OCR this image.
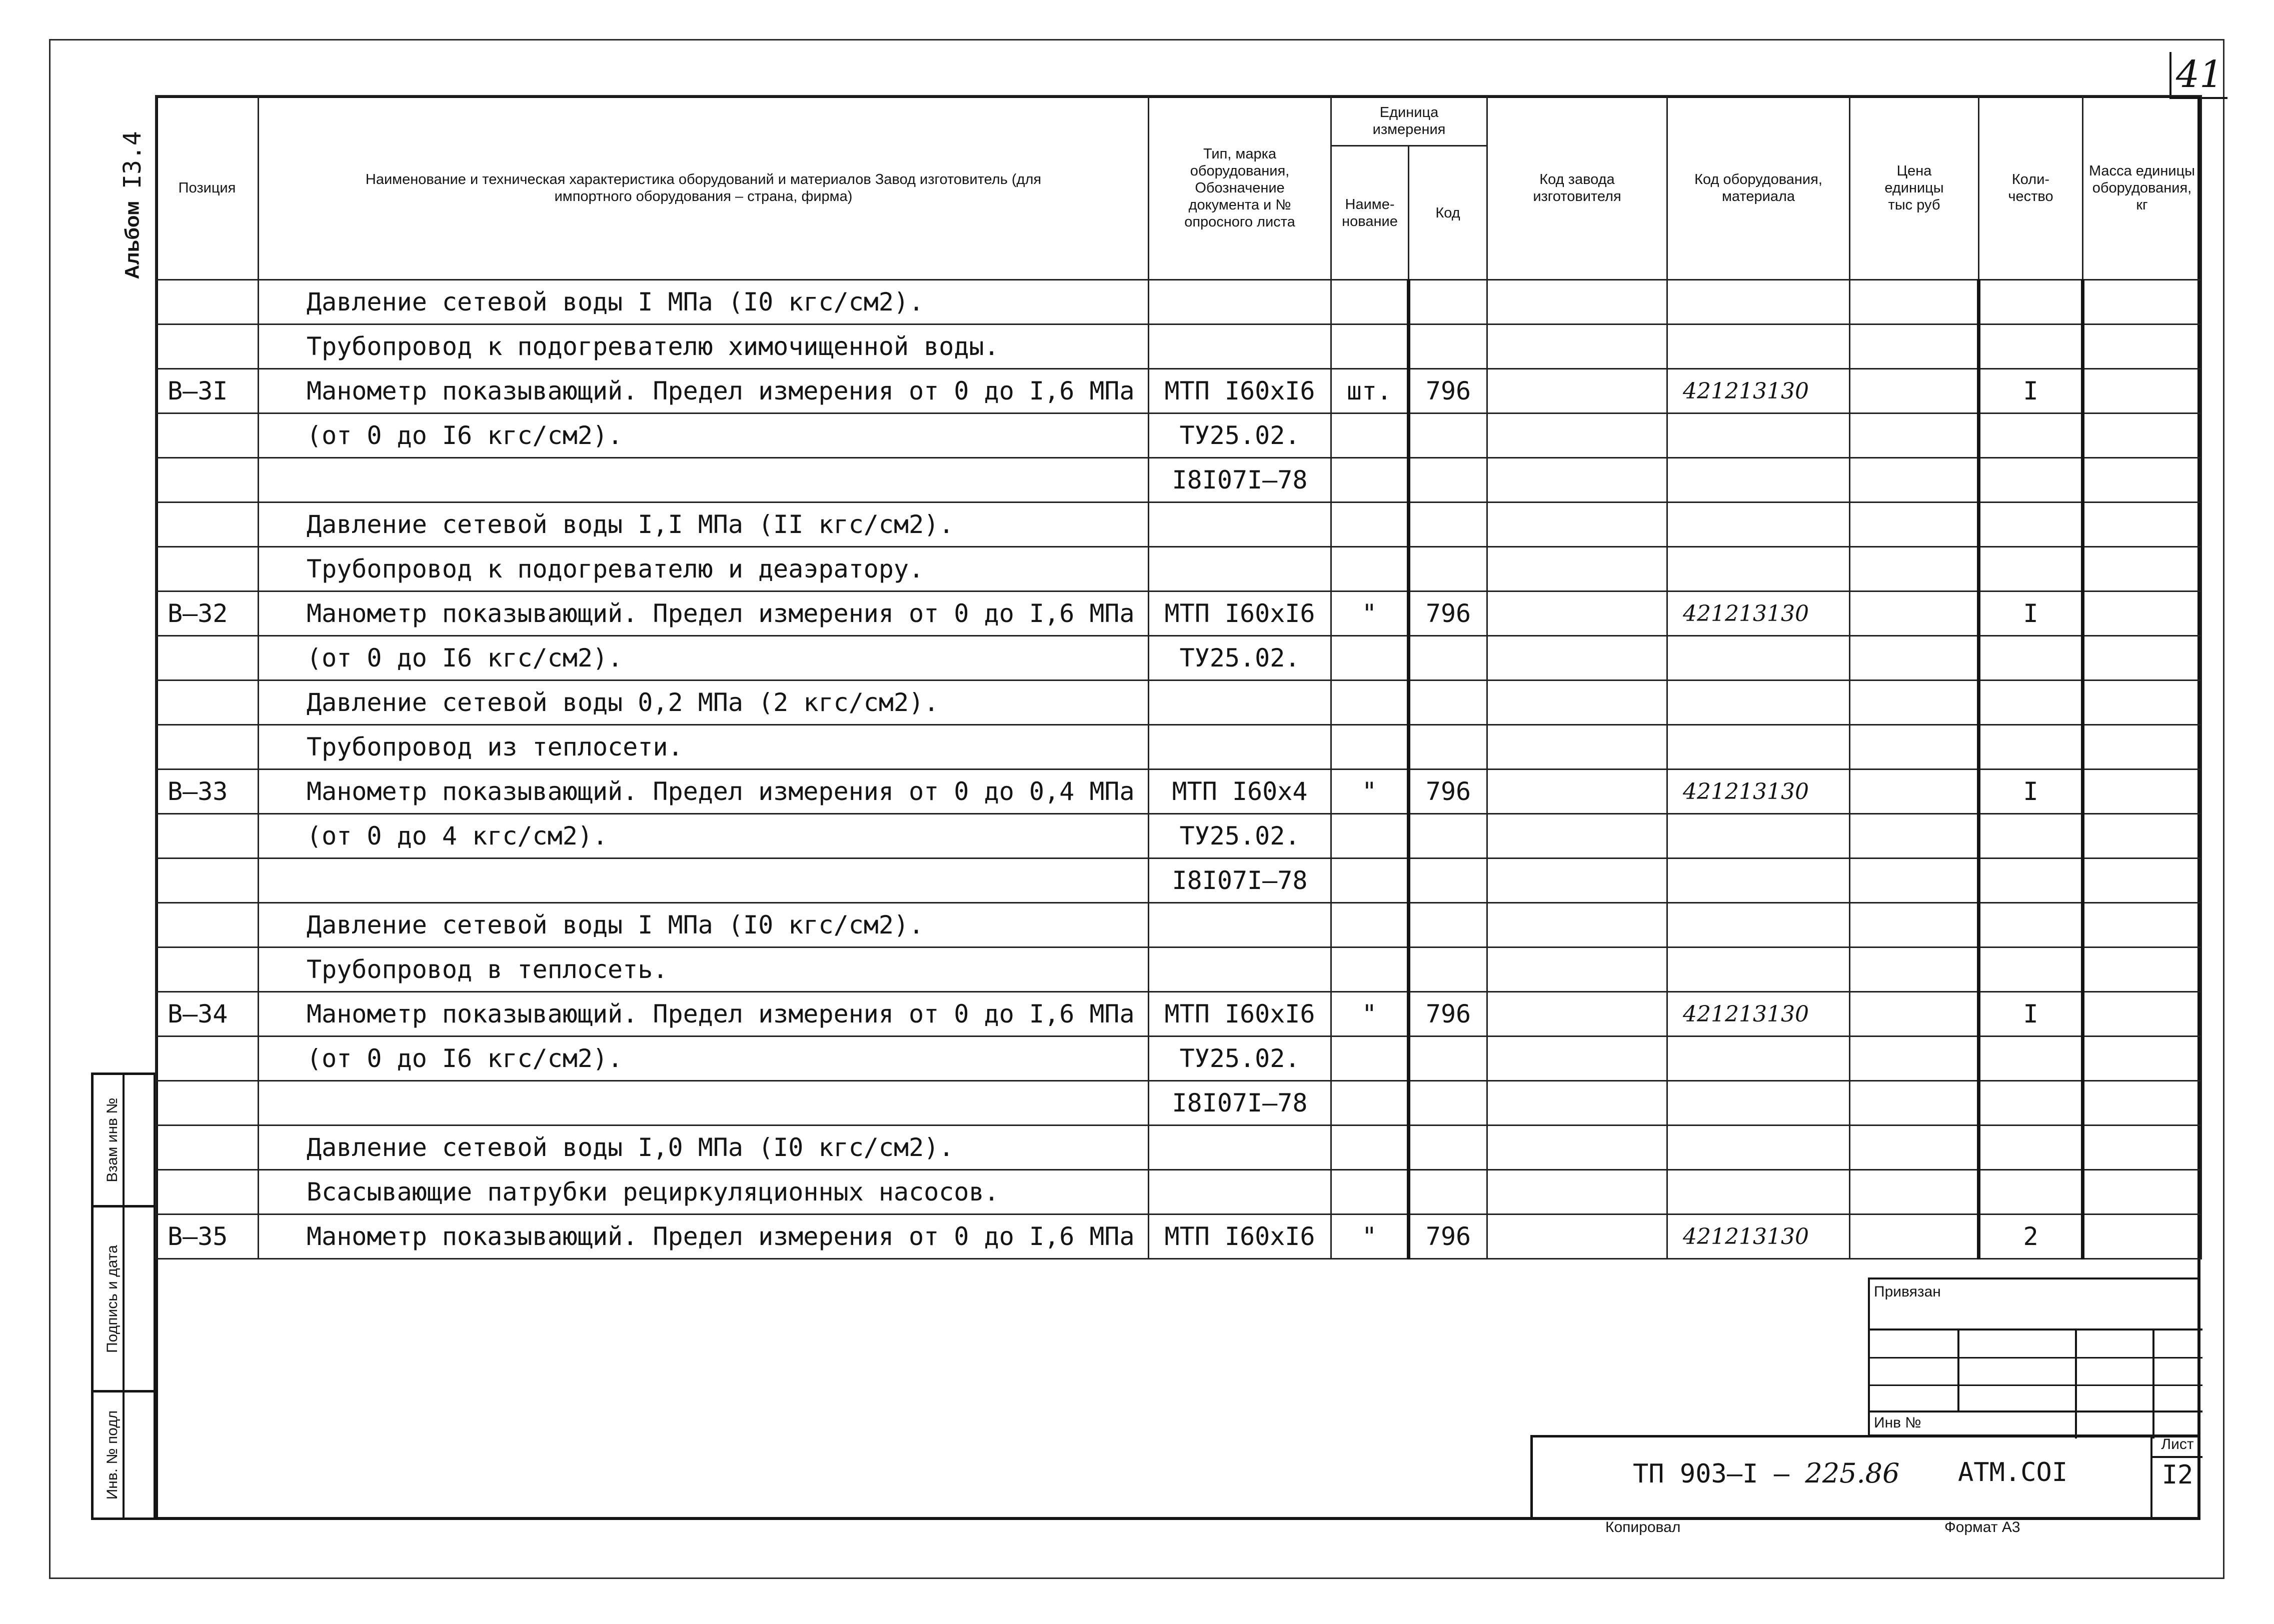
41
Альбом
I3.4
Взам инв №
Подпись и дата
Инв. № подл
Позиция	Наименование и техническая характеристика оборудований и материалов Завод изготовитель (для импортного оборудования – страна, фирма)	Тип, марка оборудования, Обозначение документа и № опросного листа	Единица измерения		Код завода изготовителя	Код оборудования, материала	Цена единицы тыс руб	Коли-чество	Масса единицы оборудования, кг
			Наиме-нование	Код					
	Давление сетевой воды I МПа (I0 кгс/см2).								
	Трубопровод к подогревателю химочищенной воды.								
В–3I	Манометр показывающий. Предел измерения от 0 до I,6 МПа	МТП I60хI6	шт.	796		421213130		I	
	(от 0 до I6 кгс/см2).	ТУ25.02.							
		I8I07I–78							
	Давление сетевой воды I,I МПа (II кгс/см2).								
	Трубопровод к подогревателю и деаэратору.								
В–32	Манометр показывающий. Предел измерения от 0 до I,6 МПа	МТП I60хI6	"	796		421213130		I	
	(от 0 до I6 кгс/см2).	ТУ25.02.							
	Давление сетевой воды 0,2 МПа (2 кгс/см2).								
	Трубопровод из теплосети.								
В–33	Манометр показывающий. Предел измерения от 0 до 0,4 МПа	МТП I60х4	"	796		421213130		I	
	(от 0 до 4 кгс/см2).	ТУ25.02.							
		I8I07I–78							
	Давление сетевой воды I МПа (I0 кгс/см2).								
	Трубопровод в теплосеть.								
В–34	Манометр показывающий. Предел измерения от 0 до I,6 МПа	МТП I60хI6	"	796		421213130		I	
	(от 0 до I6 кгс/см2).	ТУ25.02.							
		I8I07I–78							
	Давление сетевой воды I,0 МПа (I0 кгс/см2).								
	Всасывающие патрубки рециркуляционных насосов.								
В–35	Манометр показывающий. Предел измерения от 0 до I,6 МПа	МТП I60хI6	"	796		421213130		2	
Привязан
Инв №
ТП 903–I – 225.86 АТМ.COI
Лист
I2
Копировал	Формат А3
